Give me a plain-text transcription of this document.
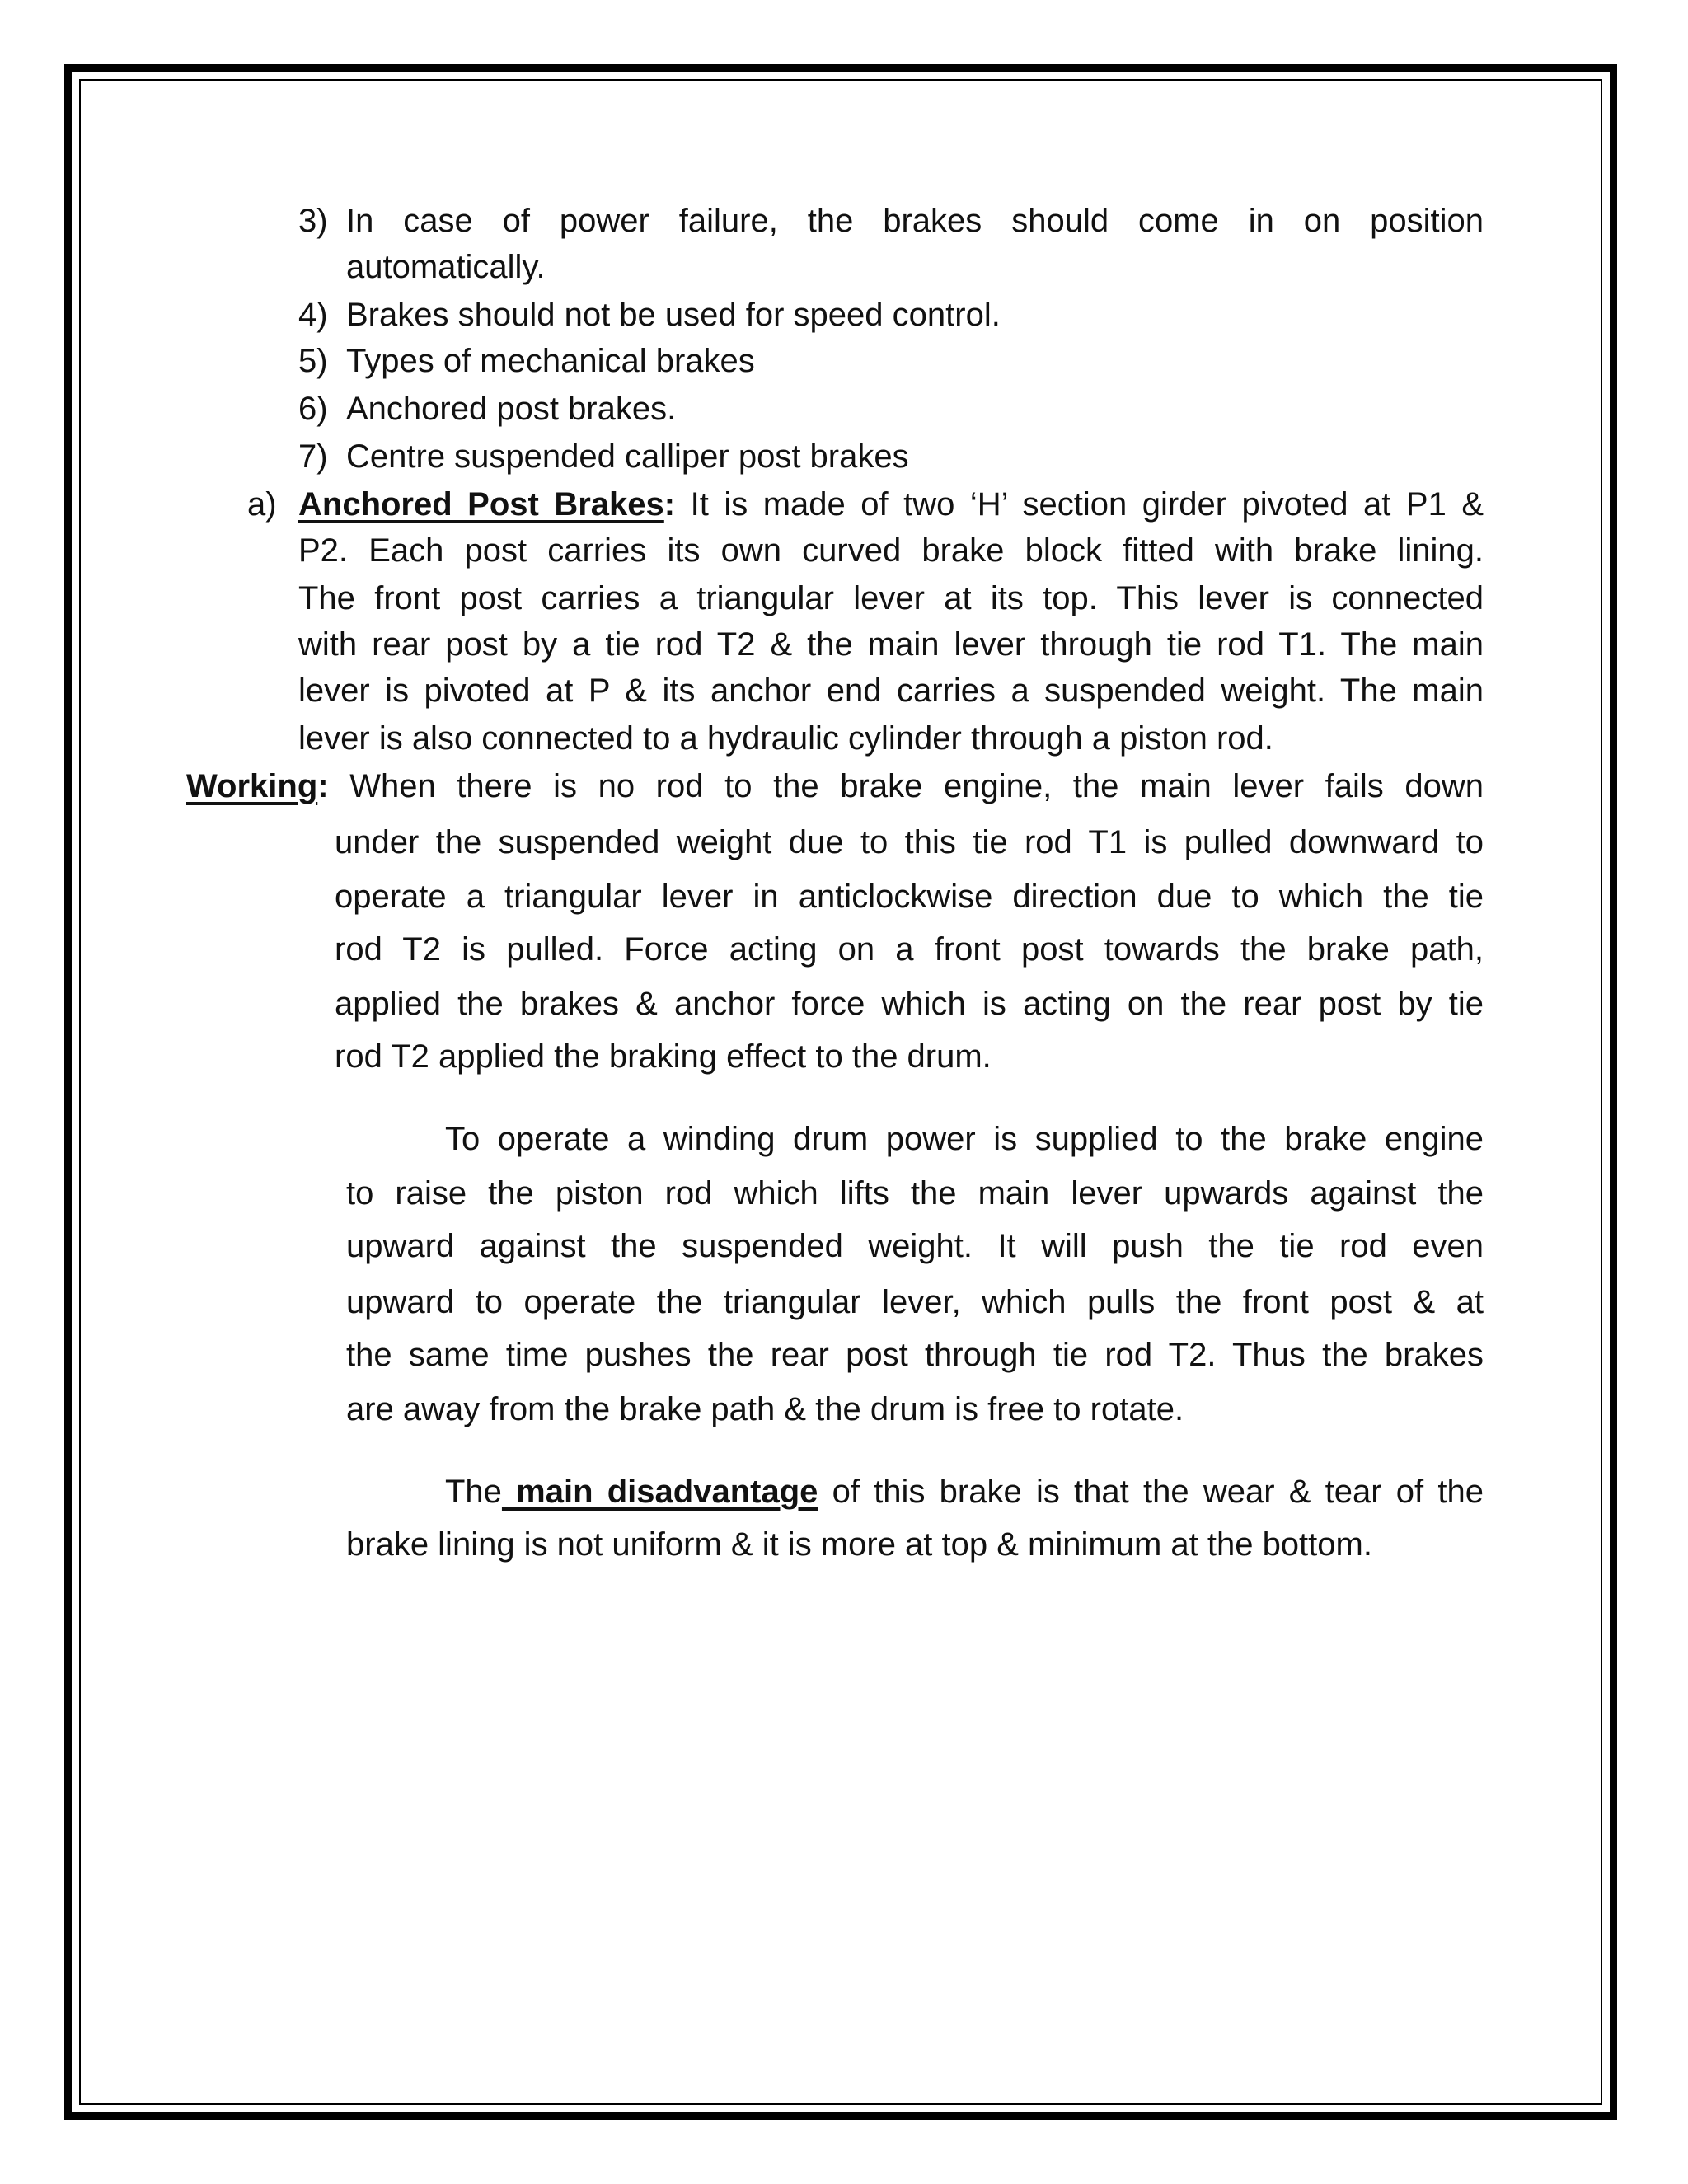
3) In case of power failure, the brakes should come in on position
automatically.
4) Brakes should not be used for speed control.
5) Types of mechanical brakes
6) Anchored post brakes.
7) Centre suspended calliper post brakes
a) Anchored Post Brakes: It is made of two ‘H’ section girder pivoted at P1 &
P2. Each post carries its own curved brake block fitted with brake lining.
The front post carries a triangular lever at its top. This lever is connected
with rear post by a tie rod T2 & the main lever through tie rod T1. The main
lever is pivoted at P & its anchor end carries a suspended weight. The main
lever is also connected to a hydraulic cylinder through a piston rod.
Working: When there is no rod to the brake engine, the main lever fails down
under the suspended weight due to this tie rod T1 is pulled downward to
operate a triangular lever in anticlockwise direction due to which the tie
rod T2 is pulled. Force acting on a front post towards the brake path,
applied the brakes & anchor force which is acting on the rear post by tie
rod T2 applied the braking effect to the drum.
To operate a winding drum power is supplied to the brake engine
to raise the piston rod which lifts the main lever upwards against the
upward against the suspended weight. It will push the tie rod even
upward to operate the triangular lever, which pulls the front post & at
the same time pushes the rear post through tie rod T2. Thus the brakes
are away from the brake path & the drum is free to rotate.
The main disadvantage of this brake is that the wear & tear of the
brake lining is not uniform & it is more at top & minimum at the bottom.
